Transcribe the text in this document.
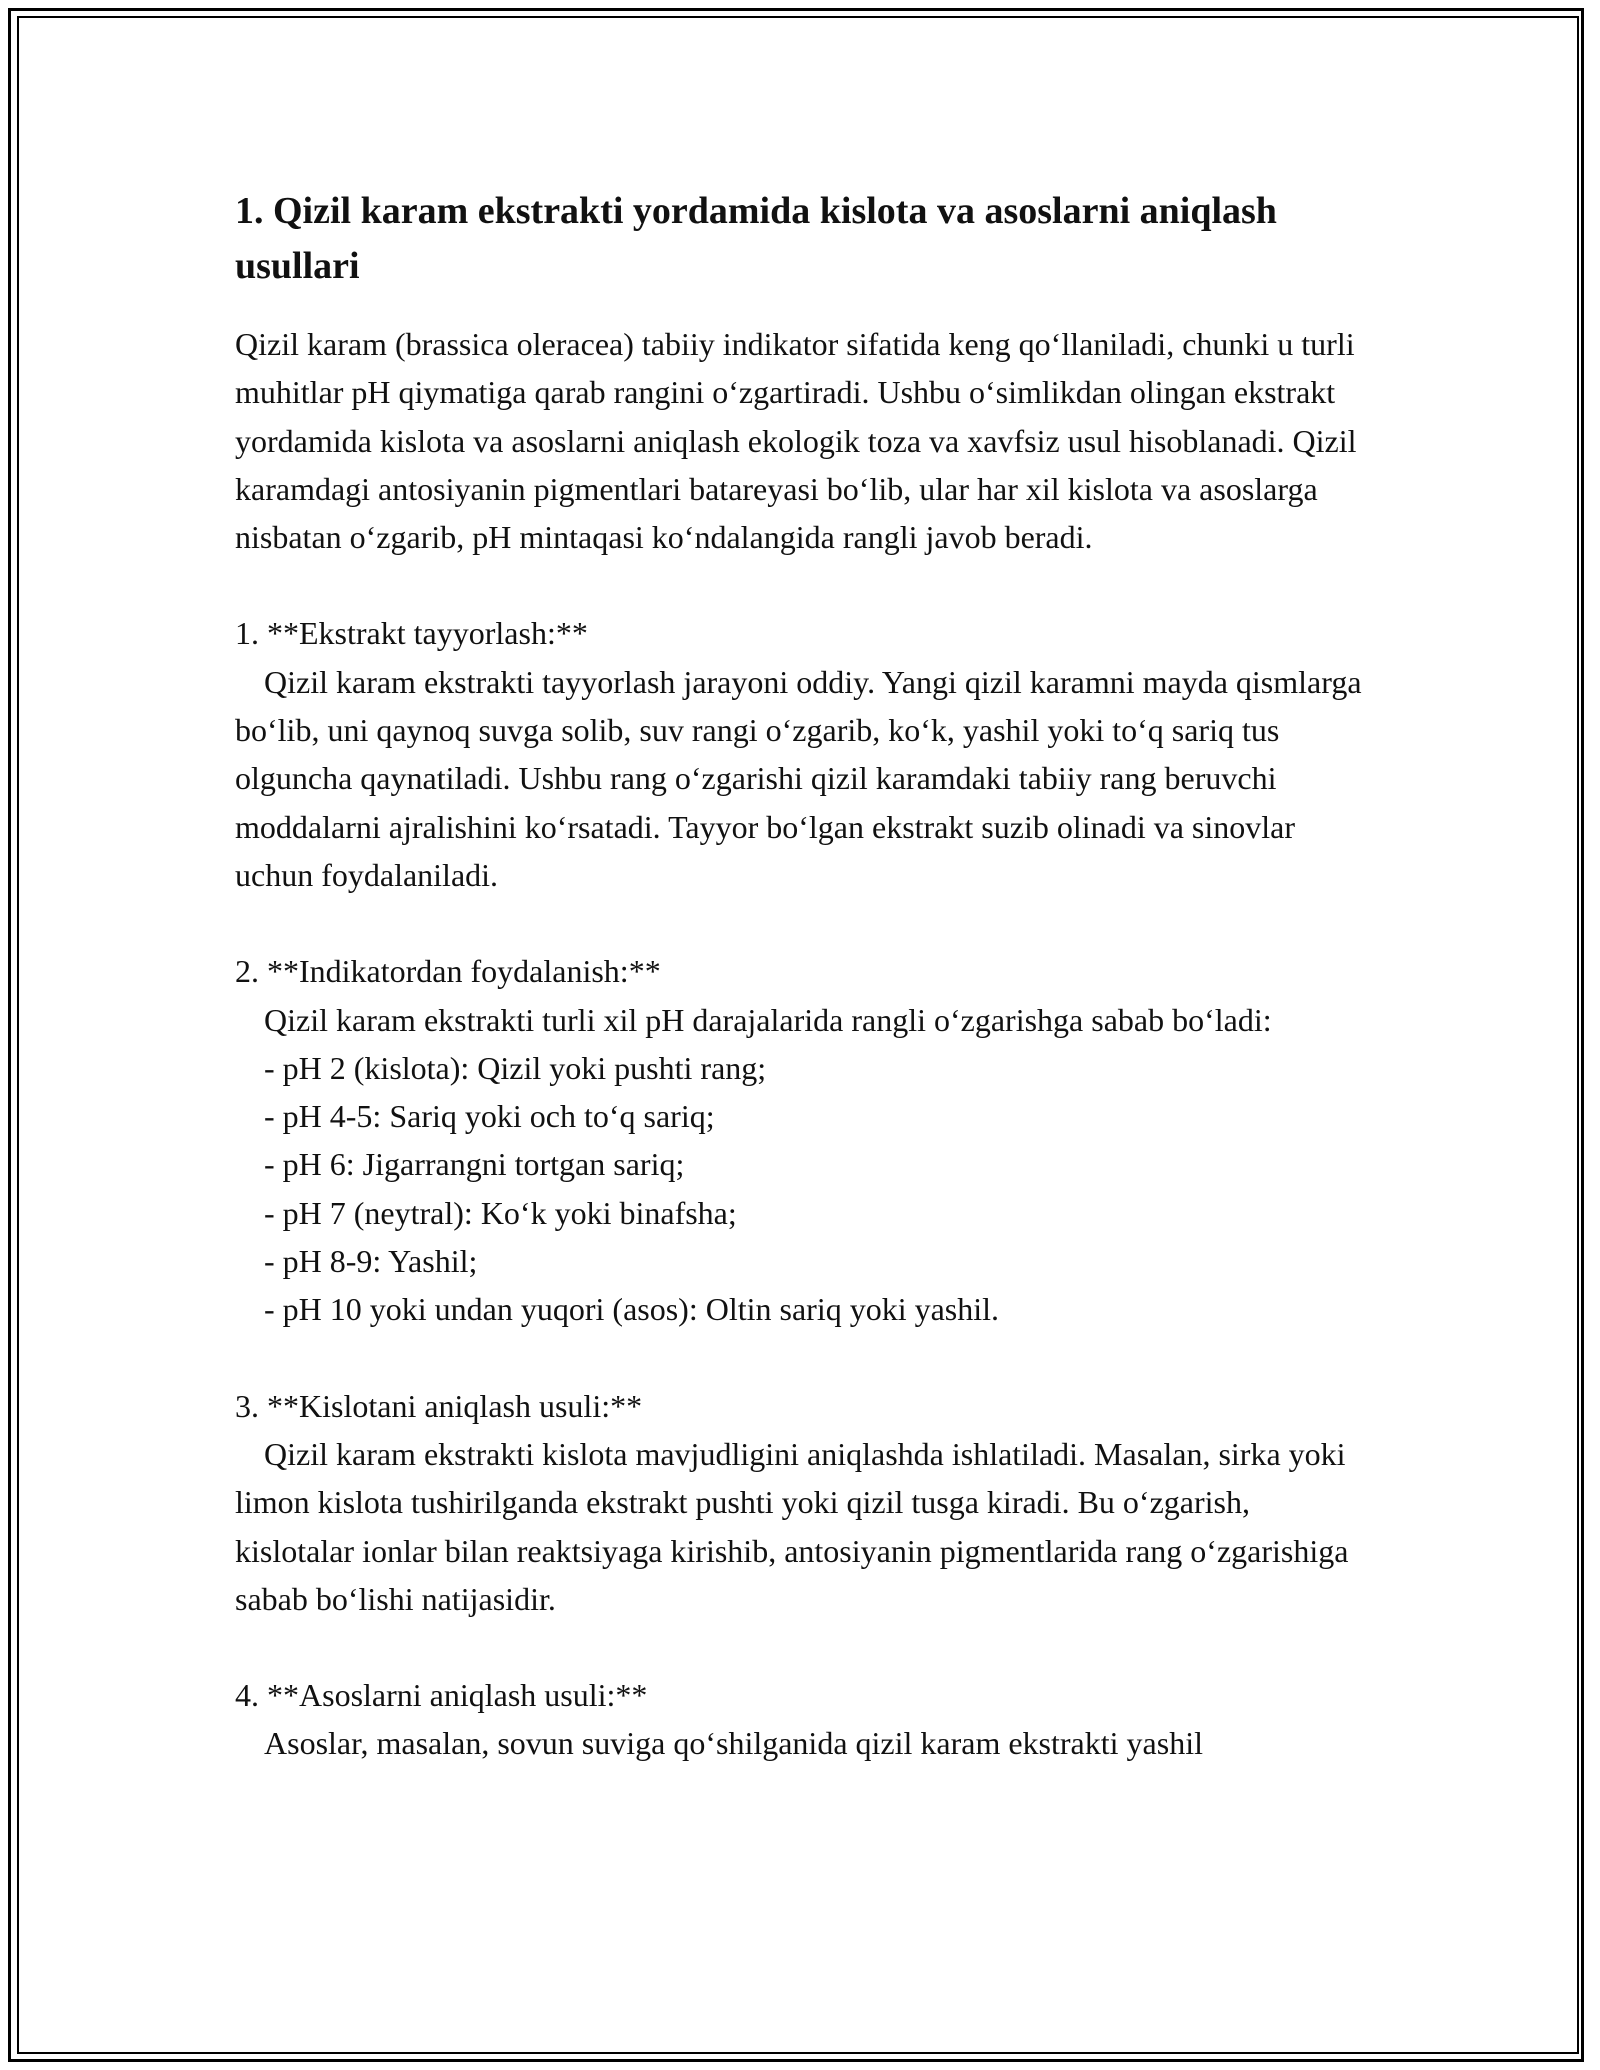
1. Qizil karam ekstrakti yordamida kislota va asoslarni aniqlash usullari

Qizil karam (brassica oleracea) tabiiy indikator sifatida keng qo‘llaniladi, chunki u turli muhitlar pH qiymatiga qarab rangini o‘zgartiradi. Ushbu o‘simlikdan olingan ekstrakt yordamida kislota va asoslarni aniqlash ekologik toza va xavfsiz usul hisoblanadi. Qizil karamdagi antosiyanin pigmentlari batareyasi bo‘lib, ular har xil kislota va asoslarga nisbatan o‘zgarib, pH mintaqasi ko‘ndalangida rangli javob beradi.

1. **Ekstrakt tayyorlash:**

Qizil karam ekstrakti tayyorlash jarayoni oddiy. Yangi qizil karamni mayda qismlarga bo‘lib, uni qaynoq suvga solib, suv rangi o‘zgarib, ko‘k, yashil yoki to‘q sariq tus olguncha qaynatiladi. Ushbu rang o‘zgarishi qizil karamdaki tabiiy rang beruvchi moddalarni ajralishini ko‘rsatadi. Tayyor bo‘lgan ekstrakt suzib olinadi va sinovlar uchun foydalaniladi.

2. **Indikatordan foydalanish:**

Qizil karam ekstrakti turli xil pH darajalarida rangli o‘zgarishga sabab bo‘ladi:

- pH 2 (kislota): Qizil yoki pushti rang;
- pH 4-5: Sariq yoki och to‘q sariq;
- pH 6: Jigarrangni tortgan sariq;
- pH 7 (neytral): Ko‘k yoki binafsha;
- pH 8-9: Yashil;
- pH 10 yoki undan yuqori (asos): Oltin sariq yoki yashil.
3. **Kislotani aniqlash usuli:**

Qizil karam ekstrakti kislota mavjudligini aniqlashda ishlatiladi. Masalan, sirka yoki limon kislota tushirilganda ekstrakt pushti yoki qizil tusga kiradi. Bu o‘zgarish, kislotalar ionlar bilan reaktsiyaga kirishib, antosiyanin pigmentlarida rang o‘zgarishiga sabab bo‘lishi natijasidir.

4. **Asoslarni aniqlash usuli:**

Asoslar, masalan, sovun suviga qo‘shilganida qizil karam ekstrakti yashil
